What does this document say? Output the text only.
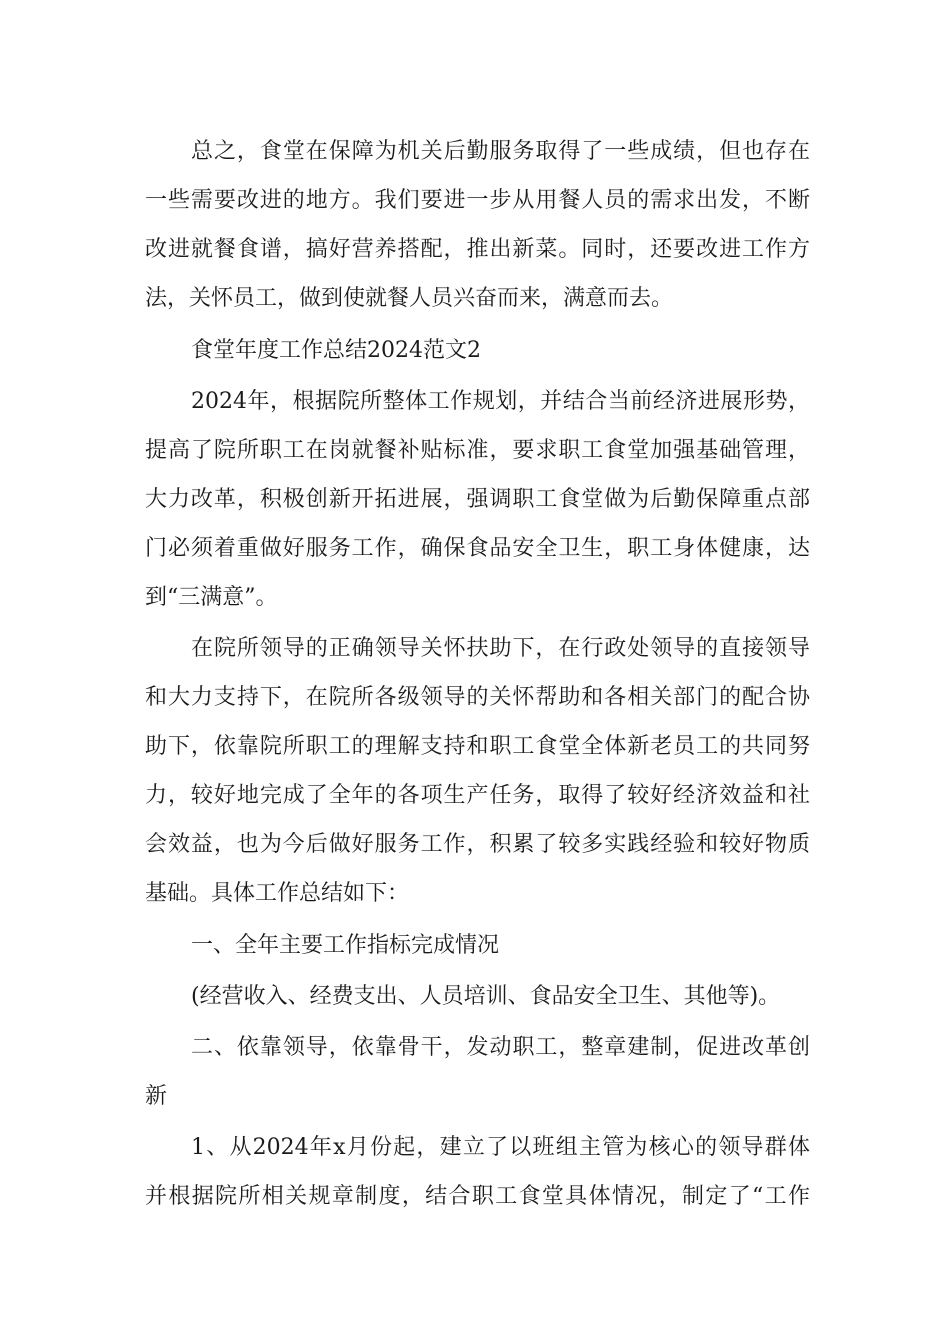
总之，食堂在保障为机关后勤服务取得了一些成绩，但也存在
一些需要改进的地方。我们要进一步从用餐人员的需求出发，不断
改进就餐食谱，搞好营养搭配，推出新菜。同时，还要改进工作方
法，关怀员工，做到使就餐人员兴奋而来，满意而去。
食堂年度工作总结2024范文2
2024年，根据院所整体工作规划，并结合当前经济进展形势，
提高了院所职工在岗就餐补贴标准，要求职工食堂加强基础管理，
大力改革，积极创新开拓进展，强调职工食堂做为后勤保障重点部
门必须着重做好服务工作，确保食品安全卫生，职工身体健康，达
到“三满意”。
在院所领导的正确领导关怀扶助下，在行政处领导的直接领导
和大力支持下，在院所各级领导的关怀帮助和各相关部门的配合协
助下，依靠院所职工的理解支持和职工食堂全体新老员工的共同努
力，较好地完成了全年的各项生产任务，取得了较好经济效益和社
会效益，也为今后做好服务工作，积累了较多实践经验和较好物质
基础。具体工作总结如下：
一、全年主要工作指标完成情况
(经营收入、经费支出、人员培训、食品安全卫生、其他等)。
二、依靠领导，依靠骨干，发动职工，整章建制，促进改革创
新
1、从2024年x月份起，建立了以班组主管为核心的领导群体
并根据院所相关规章制度，结合职工食堂具体情况，制定了“工作
